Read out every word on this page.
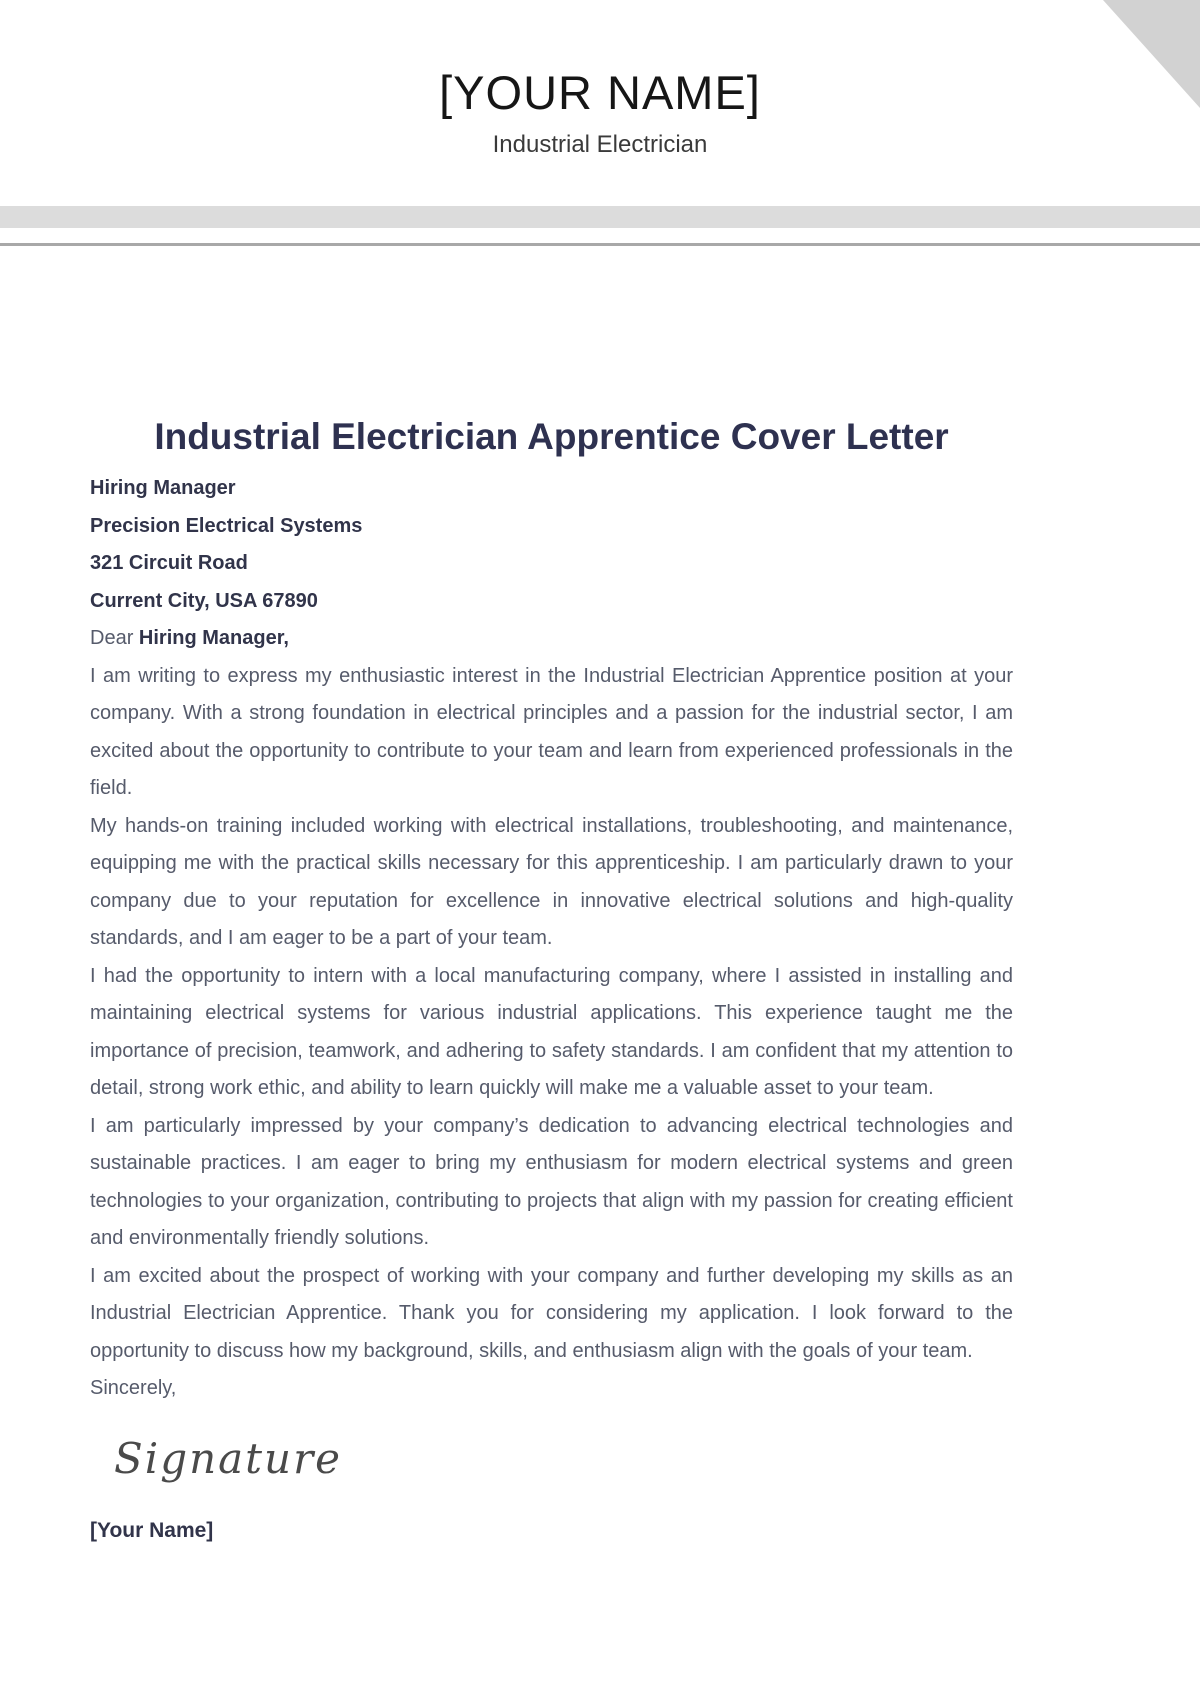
[YOUR NAME]
Industrial Electrician
Industrial Electrician Apprentice Cover Letter
Hiring Manager
Precision Electrical Systems
321 Circuit Road
Current City, USA 67890
Dear Hiring Manager,
I am writing to express my enthusiastic interest in the Industrial Electrician Apprentice position at your company. With a strong foundation in electrical principles and a passion for the industrial sector, I am excited about the opportunity to contribute to your team and learn from experienced professionals in the field.
My hands-on training included working with electrical installations, troubleshooting, and maintenance, equipping me with the practical skills necessary for this apprenticeship. I am particularly drawn to your company due to your reputation for excellence in innovative electrical solutions and high-quality standards, and I am eager to be a part of your team.
I had the opportunity to intern with a local manufacturing company, where I assisted in installing and maintaining electrical systems for various industrial applications. This experience taught me the importance of precision, teamwork, and adhering to safety standards. I am confident that my attention to detail, strong work ethic, and ability to learn quickly will make me a valuable asset to your team.
I am particularly impressed by your company’s dedication to advancing electrical technologies and sustainable practices. I am eager to bring my enthusiasm for modern electrical systems and green technologies to your organization, contributing to projects that align with my passion for creating efficient and environmentally friendly solutions.
I am excited about the prospect of working with your company and further developing my skills as an Industrial Electrician Apprentice. Thank you for considering my application. I look forward to the opportunity to discuss how my background, skills, and enthusiasm align with the goals of your team.
Sincerely,
Signature
[Your Name]
